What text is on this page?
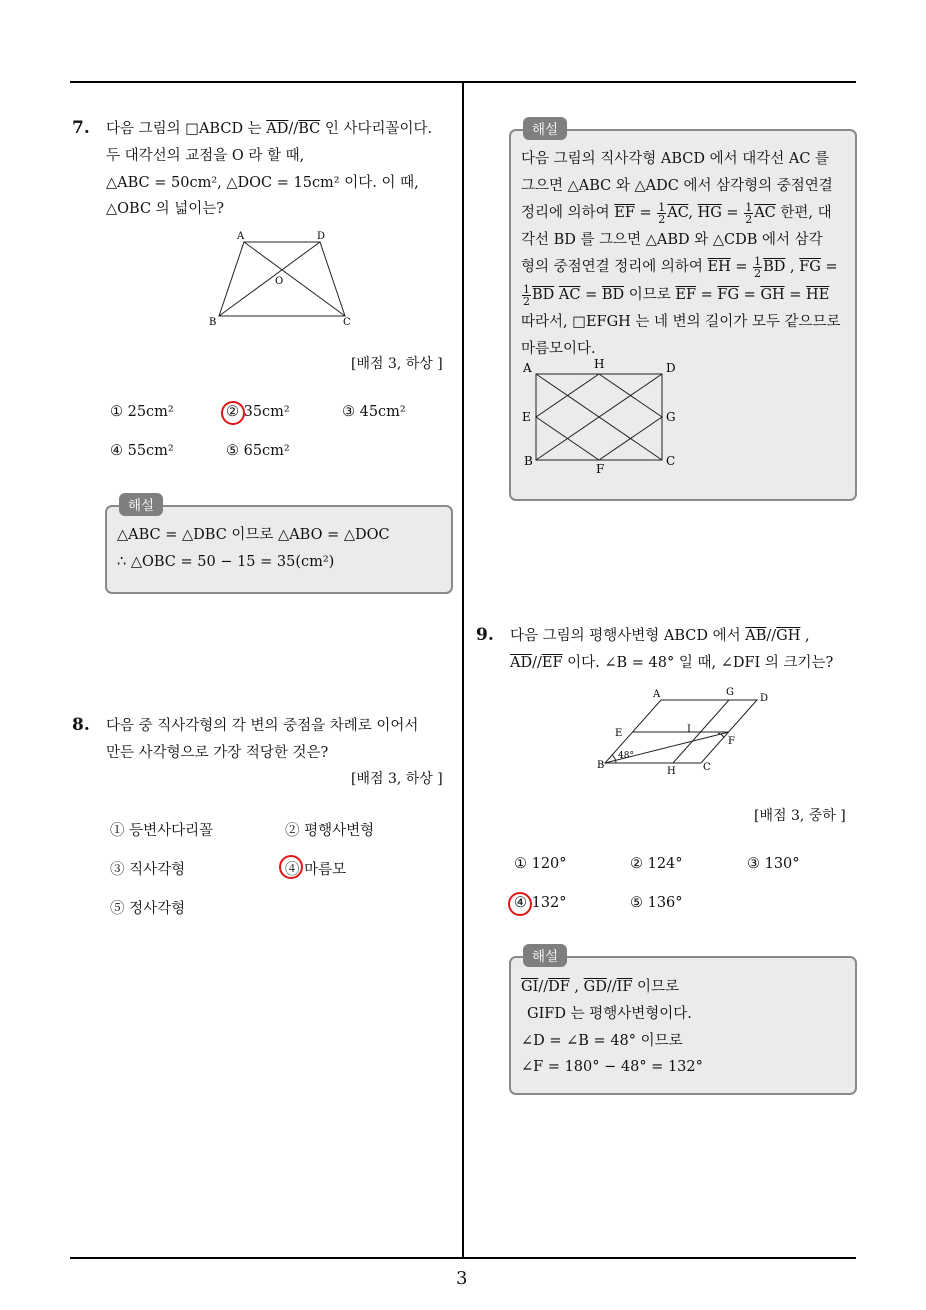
3
7. 다음 그림의 □ABCD 는 $\overline{AD}//\overline{BC}$ 인 사다리꼴이다.
두 대각선의 교점을 O 라 할 때,
△ABC = 50cm², △DOC = 15cm² 이다. 이 때,
△OBC 의 넓이는?
A	D
O
B	C
[배점 3, 하상 ]
① 25cm²	② 35cm²	③ 45cm²
④ 55cm²	⑤ 65cm²
해설
△ABC = △DBC 이므로 △ABO = △DOC
∴ △OBC = 50 − 15 = 35(cm²)
8. 다음 중 직사각형의 각 변의 중점을 차례로 이어서
만든 사각형으로 가장 적당한 것은?
[배점 3, 하상 ]
① 등변사다리꼴	② 평행사변형
③ 직사각형	④ 마름모
⑤ 정사각형
해설
다음 그림의 직사각형 ABCD 에서 대각선 AC 를
그으면 △ABC 와 △ADC 에서 삼각형의 중점연결
정리에 의하여 $\overline{EF} = \frac{1}{2} \overline{AC}$, $\overline{HG} = \frac{1}{2} \overline{AC}$ 한편, 대
각선 BD 를 그으면 △ABD 와 △CDB 에서 삼각
형의 중점연결 정리에 의하여 $\overline{EH} = \frac{1}{2} \overline{BD}$ , $\overline{FG}$ =
$\frac{1}{2} \overline{BD}$ $\overline{AC} = \overline{BD}$ 이므로 $\overline{EF} = \overline{FG} = \overline{GH} = \overline{HE}$
따라서, □EFGH 는 네 변의 길이가 모두 같으므로
마름모이다.
A	H	D
E	G
B
F
C
9. 다음 그림의 평행사변형 ABCD 에서 $\overline{AB}//\overline{GH}$ ,
$\overline{AD}//\overline{EF}$ 이다. ∠B = 48° 일 때, ∠DFI 의 크기는?
A	G
D
E	I
F
B
48°
H	C
[배점 3, 중하 ]
① 120°	② 124°	③ 130°
④ 132°	⑤ 136°
해설
$\overline{GI}//\overline{DF}$ , $\overline{GD}//\overline{IF}$ 이므로
GIFD 는 평행사변형이다.
∠D = ∠B = 48° 이므로
∠F = 180° − 48° = 132°
